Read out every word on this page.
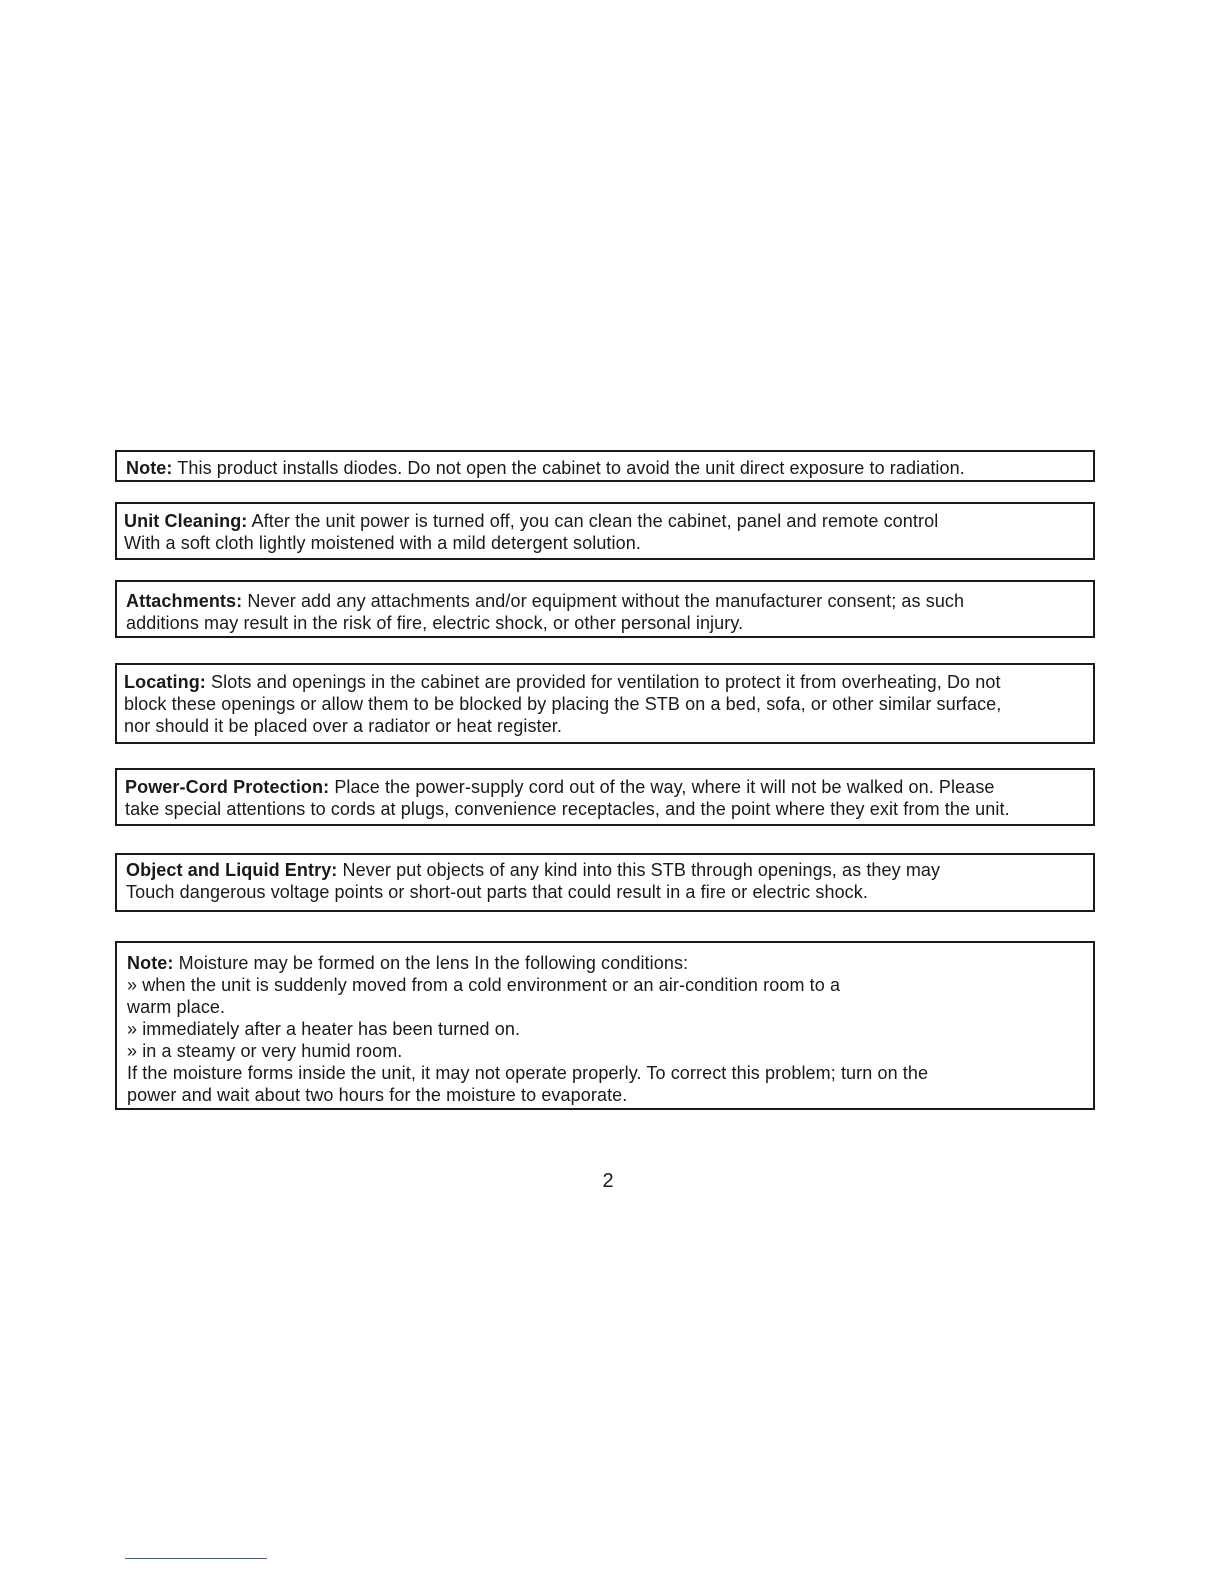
Note: This product installs diodes. Do not open the cabinet to avoid the unit direct exposure to radiation.
Unit Cleaning: After the unit power is turned off, you can clean the cabinet, panel and remote control
With a soft cloth lightly moistened with a mild detergent solution.
Attachments: Never add any attachments and/or equipment without the manufacturer consent; as such
additions may result in the risk of fire, electric shock, or other personal injury.
Locating: Slots and openings in the cabinet are provided for ventilation to protect it from overheating, Do not
block these openings or allow them to be blocked by placing the STB on a bed, sofa, or other similar surface,
nor should it be placed over a radiator or heat register.
Power-Cord Protection: Place the power-supply cord out of the way, where it will not be walked on. Please
take special attentions to cords at plugs, convenience receptacles, and the point where they exit from the unit.
Object and Liquid Entry: Never put objects of any kind into this STB through openings, as they may
Touch dangerous voltage points or short-out parts that could result in a fire or electric shock.
Note: Moisture may be formed on the lens In the following conditions:
» when the unit is suddenly moved from a cold environment or an air-condition room to a
warm place.
» immediately after a heater has been turned on.
» in a steamy or very humid room.
If the moisture forms inside the unit, it may not operate properly. To correct this problem; turn on the
power and wait about two hours for the moisture to evaporate.
2
